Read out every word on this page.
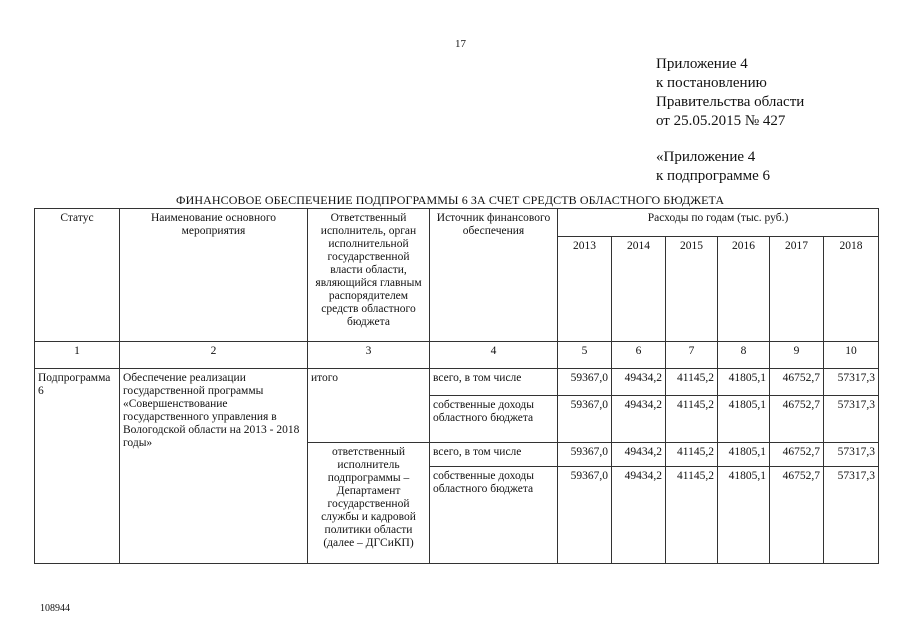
17
Приложение 4
к постановлению
Правительства области
от 25.05.2015 № 427
«Приложение 4
к подпрограмме 6
ФИНАНСОВОЕ ОБЕСПЕЧЕНИЕ ПОДПРОГРАММЫ 6 ЗА СЧЕТ СРЕДСТВ ОБЛАСТНОГО БЮДЖЕТА
Статус	Наименование основного мероприятия	Ответственный исполнитель, орган исполнительной государственной власти области, являющийся главным распорядителем средств областного бюджета	Источник финансового обеспечения	Расходы по годам (тыс. руб.)					
				2013	2014	2015	2016	2017	2018
1	2	3	4	5	6	7	8	9	10
Подпрограмма 6	Обеспечение реализации государственной программы «Совершенствование государственного управления в Вологодской области на 2013 - 2018 годы»	итого	всего, в том числе	59367,0	49434,2	41145,2	41805,1	46752,7	57317,3
			собственные доходы областного бюджета	59367,0	49434,2	41145,2	41805,1	46752,7	57317,3
		ответственный исполнитель подпрограммы – Департамент государственной службы и кадровой политики области (далее – ДГСиКП)	всего, в том числе	59367,0	49434,2	41145,2	41805,1	46752,7	57317,3
			собственные доходы областного бюджета	59367,0	49434,2	41145,2	41805,1	46752,7	57317,3
108944
